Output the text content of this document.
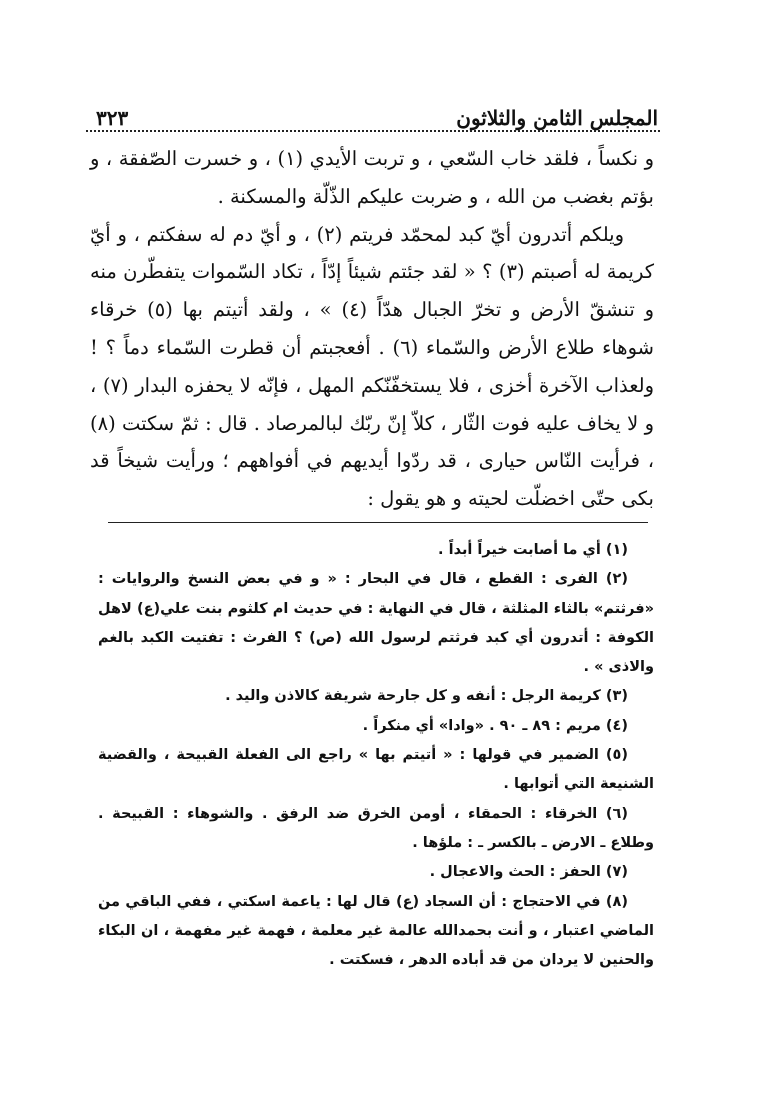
المجلس الثامن والثلاثون
٣٢٣

و نكساً ، فلقد خاب السّعي ، و تربت الأيدي (١) ، و خسرت الصّفقة ، و بؤتم بغضب من الله ، و ضربت عليكم الذّلّة والمسكنة .

ويلكم أتدرون أيّ كبد لمحمّد فريتم (٢) ، و أيّ دم له سفكتم ، و أيّ كريمة له أصبتم (٣) ؟ « لقد جئتم شيئاً إدّاً ، تكاد السّموات يتفطّرن منه و تنشقّ الأرض و تخرّ الجبال هدّاً (٤) » ، ولقد أتيتم بها (٥) خرقاء شوهاء طلاع الأرض والسّماء (٦) . أفعجبتم أن قطرت السّماء دماً ؟ ! ولعذاب الآخرة أخزى ، فلا يستخفّنّكم المهل ، فإنّه لا يحفزه البدار (٧) ، و لا يخاف عليه فوت الثّار ، كلاّ إنّ ربّك لبالمرصاد . قال : ثمّ سكتت (٨) ، فرأيت النّاس حيارى ، قد ردّوا أيديهم في أفواههم ؛ ورأيت شيخاً قد بكى حتّى اخضلّت لحيته و هو يقول :

(١) أي ما أصابت خيراً أبداً .

(٢) الفرى : القطع ، قال في البحار : « و في بعض النسخ والروايات : «فرثتم» بالثاء المثلثة ، قال في النهاية : في حديث ام كلثوم بنت علي(ع) لاهل الكوفة : أتدرون أي كبد فرثتم لرسول الله (ص) ؟ الفرث : تفتيت الكبد بالغم والاذى » .

(٣) كريمة الرجل : أنفه و كل جارحة شريفة كالاذن واليد .

(٤) مريم : ٨٩ ـ ٩٠ . «وادا» أي منكراً .

(٥) الضمير في قولها : « أتيتم بها » راجع الى الفعلة القبيحة ، والقضية الشنيعة التي أتوابها .

(٦) الخرقاء : الحمقاء ، أومن الخرق ضد الرفق . والشوهاء : القبيحة . وطلاع ـ الارض ـ بالكسر ـ : ملؤها .

(٧) الحفز : الحث والاعجال .

(٨) في الاحتجاج : أن السجاد (ع) قال لها : ياعمة اسكتي ، ففي الباقي من الماضي اعتبار ، و أنت بحمدالله عالمة غير معلمة ، فهمة غير مفهمة ، ان البكاء والحنين لا يردان من قد أباده الدهر ، فسكتت .
